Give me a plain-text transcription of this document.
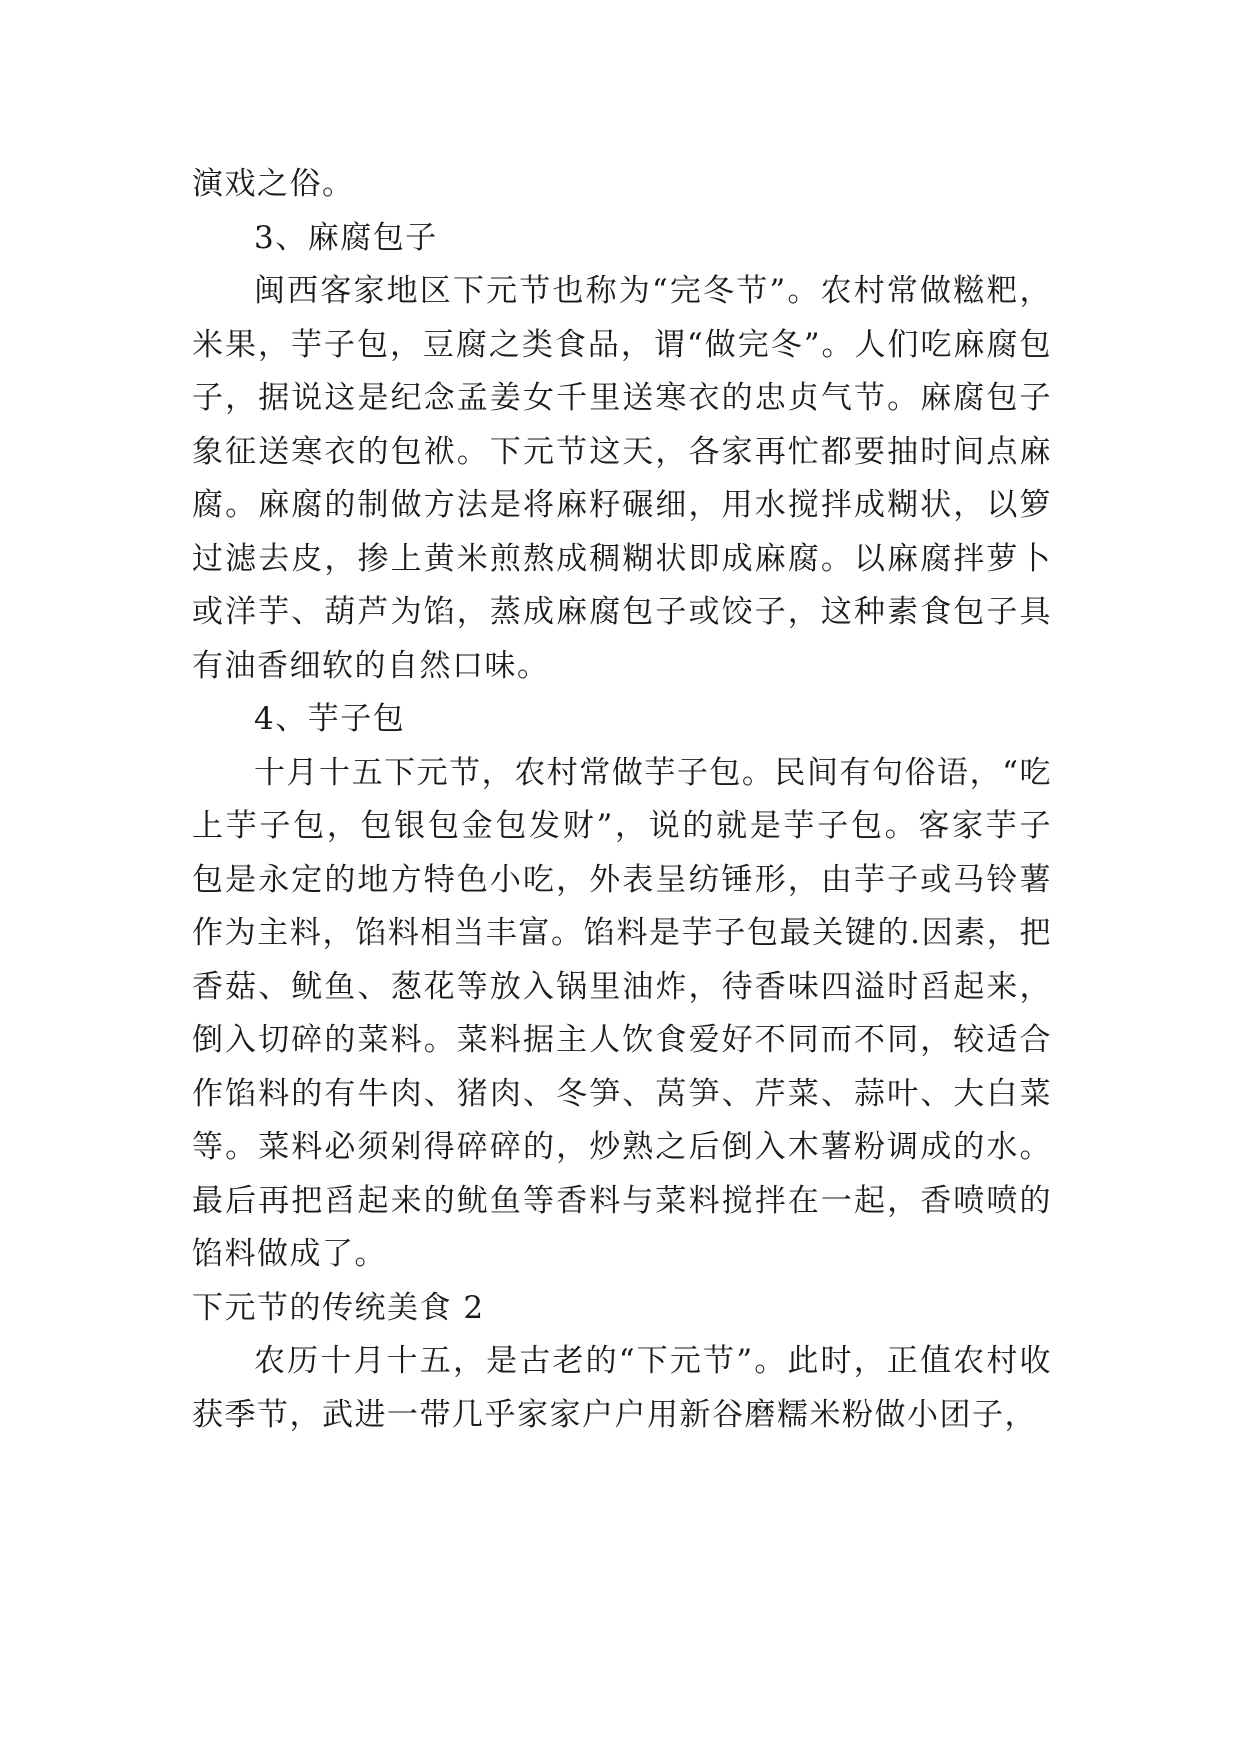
演戏之俗。

3、麻腐包子

闽西客家地区下元节也称为“完冬节”。农村常做糍粑，米果，芋子包，豆腐之类食品，谓“做完冬”。人们吃麻腐包子，据说这是纪念孟姜女千里送寒衣的忠贞气节。麻腐包子象征送寒衣的包袱。下元节这天，各家再忙都要抽时间点麻腐。麻腐的制做方法是将麻籽碾细，用水搅拌成糊状，以箩过滤去皮，掺上黄米煎熬成稠糊状即成麻腐。以麻腐拌萝卜或洋芋、葫芦为馅，蒸成麻腐包子或饺子，这种素食包子具有油香细软的自然口味。

4、芋子包

十月十五下元节，农村常做芋子包。民间有句俗语，“吃上芋子包，包银包金包发财”，说的就是芋子包。客家芋子包是永定的地方特色小吃，外表呈纺锤形，由芋子或马铃薯作为主料，馅料相当丰富。馅料是芋子包最关键的.因素，把香菇、鱿鱼、葱花等放入锅里油炸，待香味四溢时舀起来，倒入切碎的菜料。菜料据主人饮食爱好不同而不同，较适合作馅料的有牛肉、猪肉、冬笋、莴笋、芹菜、蒜叶、大白菜等。菜料必须剁得碎碎的，炒熟之后倒入木薯粉调成的水。最后再把舀起来的鱿鱼等香料与菜料搅拌在一起，香喷喷的馅料做成了。

下元节的传统美食 2

农历十月十五，是古老的“下元节”。此时，正值农村收获季节，武进一带几乎家家户户用新谷磨糯米粉做小团子，
